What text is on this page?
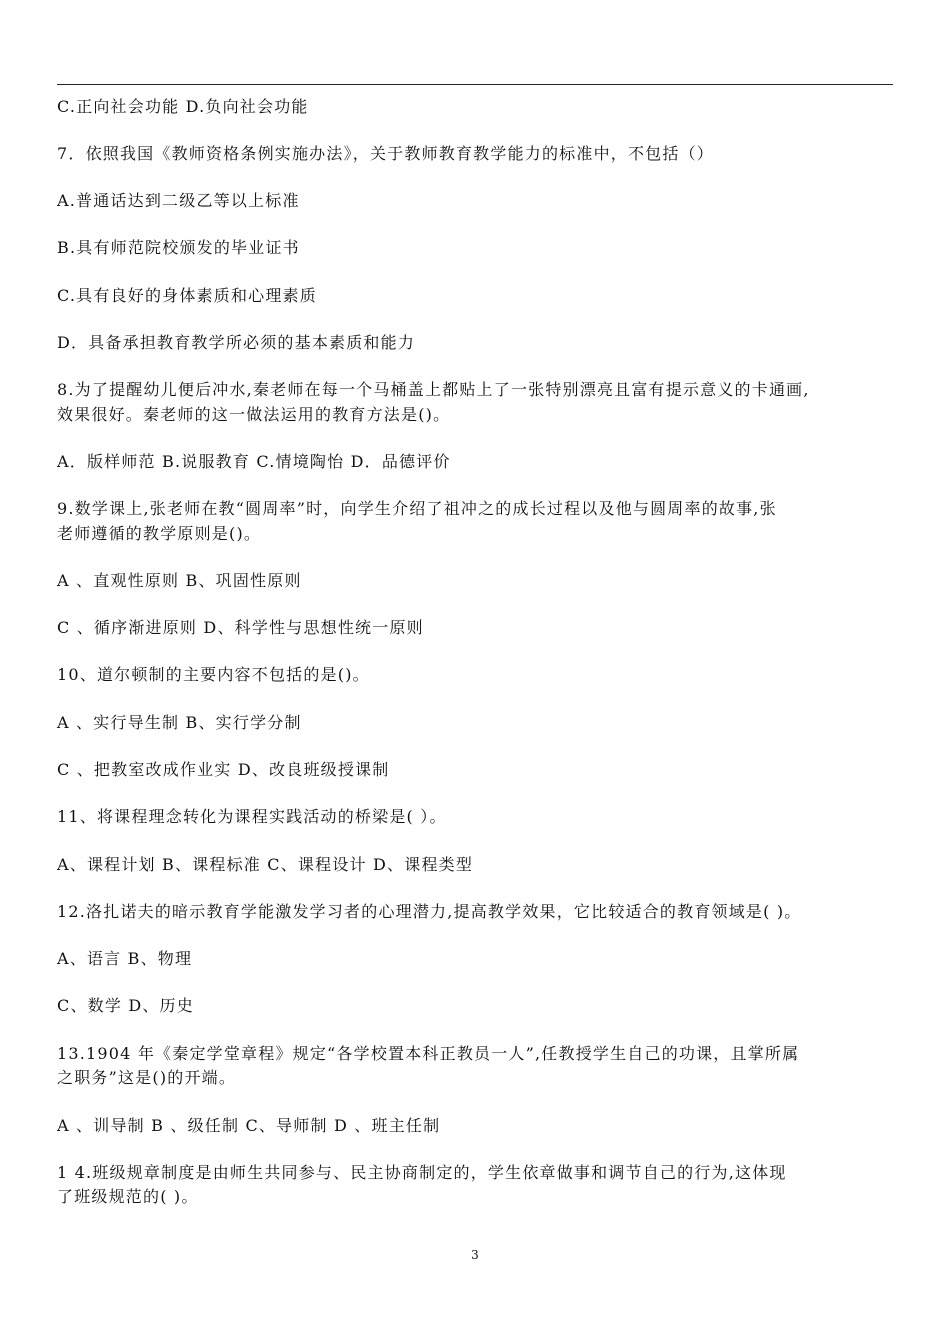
C.正向社会功能 D.负向社会功能
7．依照我国《教师资格条例实施办法》，关于教师教育教学能力的标准中，不包括（）
A.普通话达到二级乙等以上标准
B.具有师范院校颁发的毕业证书
C.具有良好的身体素质和心理素质
D．具备承担教育教学所必须的基本素质和能力
8.为了提醒幼儿便后冲水,秦老师在每一个马桶盖上都贴上了一张特别漂亮且富有提示意义的卡通画,
效果很好。秦老师的这一做法运用的教育方法是()。
A．版样师范 B.说服教育 C.情境陶怡 D．品德评价
9.数学课上,张老师在教“圆周率”时，向学生介绍了祖冲之的成长过程以及他与圆周率的故事,张
老师遵循的教学原则是()。
A 、直观性原则 B、巩固性原则
C 、循序渐进原则 D、科学性与思想性统一原则
10、道尔顿制的主要内容不包括的是()。
A 、实行导生制 B、实行学分制
C 、把教室改成作业实 D、改良班级授课制
11、将课程理念转化为课程实践活动的桥梁是( ）。
A、课程计划 B、课程标准 C、课程设计 D、课程类型
12.洛扎诺夫的暗示教育学能激发学习者的心理潜力,提高教学效果，它比较适合的教育领域是( )。
A、语言 B、物理
C、数学 D、历史
13.1904 年《秦定学堂章程》规定“各学校置本科正教员一人”,任教授学生自己的功课，且掌所属
之职务”这是()的开端。
A 、训导制 B 、级任制 C、导师制 D 、班主任制
1 4.班级规章制度是由师生共同参与、民主协商制定的，学生依章做事和调节自己的行为,这体现
了班级规范的( )。
3
